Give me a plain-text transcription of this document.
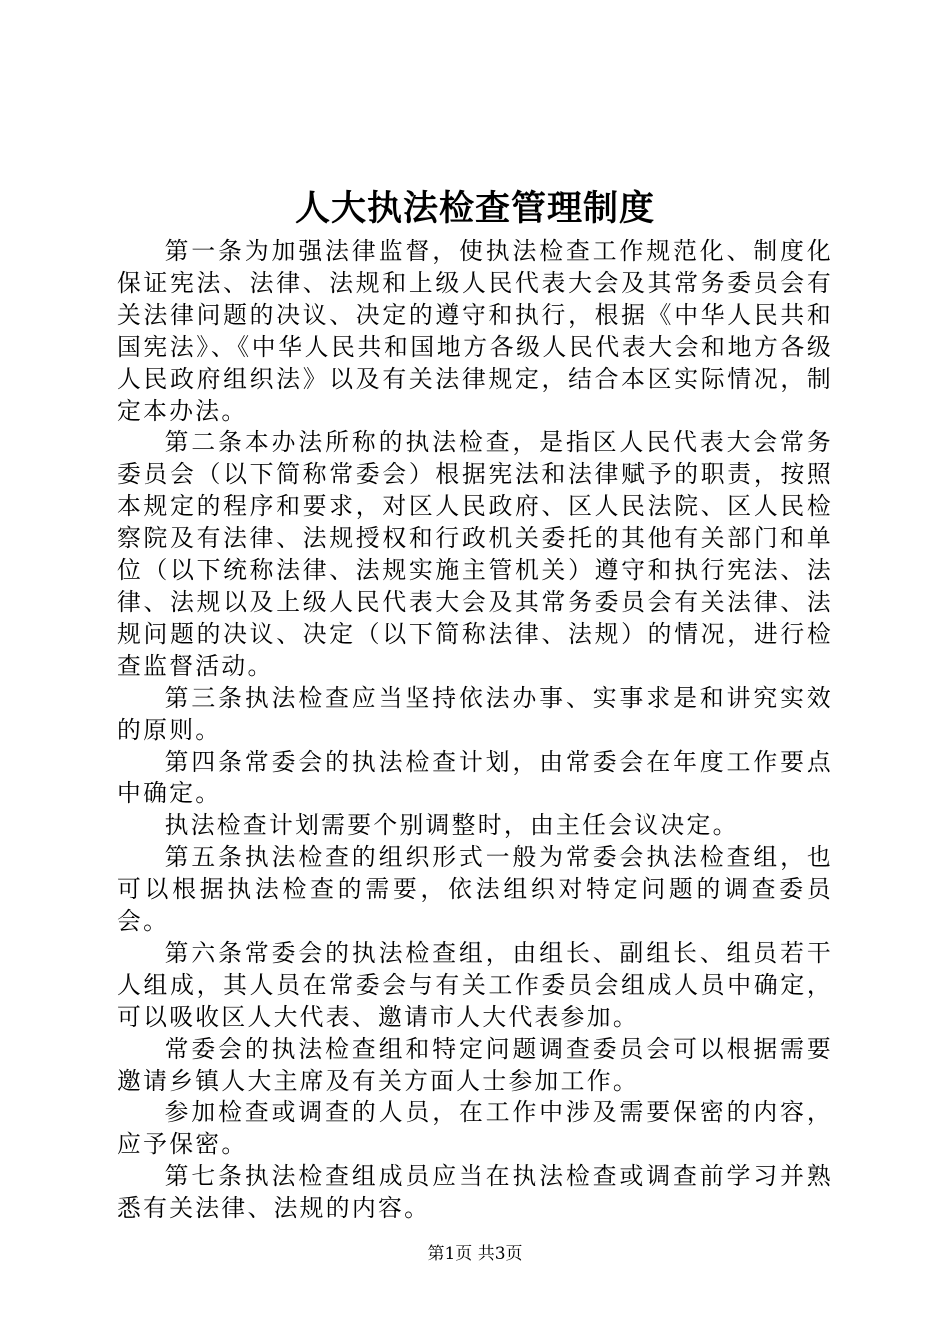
人大执法检查管理制度

第一条为加强法律监督，使执法检查工作规范化、制度化保证宪法、法律、法规和上级人民代表大会及其常务委员会有关法律问题的决议、决定的遵守和执行，根据《中华人民共和国宪法》、《中华人民共和国地方各级人民代表大会和地方各级人民政府组织法》以及有关法律规定，结合本区实际情况，制定本办法。

第二条本办法所称的执法检查，是指区人民代表大会常务委员会（以下简称常委会）根据宪法和法律赋予的职责，按照本规定的程序和要求，对区人民政府、区人民法院、区人民检察院及有法律、法规授权和行政机关委托的其他有关部门和单位（以下统称法律、法规实施主管机关）遵守和执行宪法、法律、法规以及上级人民代表大会及其常务委员会有关法律、法规问题的决议、决定（以下简称法律、法规）的情况，进行检查监督活动。

第三条执法检查应当坚持依法办事、实事求是和讲究实效的原则。

第四条常委会的执法检查计划，由常委会在年度工作要点中确定。

执法检查计划需要个别调整时，由主任会议决定。

第五条执法检查的组织形式一般为常委会执法检查组，也可以根据执法检查的需要，依法组织对特定问题的调查委员会。

第六条常委会的执法检查组，由组长、副组长、组员若干人组成，其人员在常委会与有关工作委员会组成人员中确定，可以吸收区人大代表、邀请市人大代表参加。

常委会的执法检查组和特定问题调查委员会可以根据需要邀请乡镇人大主席及有关方面人士参加工作。

参加检查或调查的人员，在工作中涉及需要保密的内容，应予保密。

第七条执法检查组成员应当在执法检查或调查前学习并熟悉有关法律、法规的内容。

第1页 共3页
